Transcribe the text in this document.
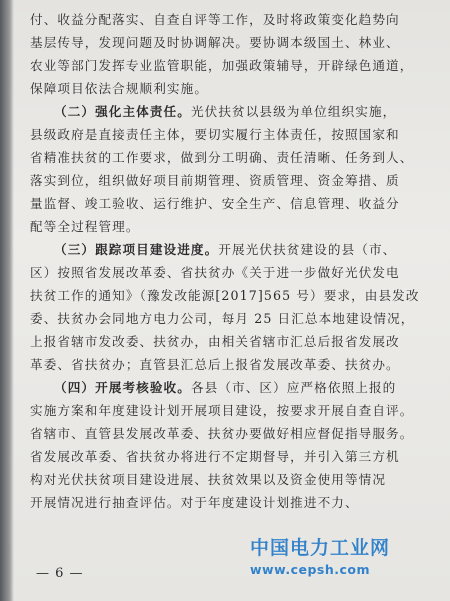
付、收益分配落实、自查自评等工作，及时将政策变化趋势向
基层传导，发现问题及时协调解决。要协调本级国土、林业、
农业等部门发挥专业监管职能，加强政策辅导，开辟绿色通道，
保障项目依法合规顺利实施。
（二）强化主体责任。光伏扶贫以县级为单位组织实施，
县级政府是直接责任主体，要切实履行主体责任，按照国家和
省精准扶贫的工作要求，做到分工明确、责任清晰、任务到人、
落实到位，组织做好项目前期管理、资质管理、资金筹措、质
量监督、竣工验收、运行维护、安全生产、信息管理、收益分
配等全过程管理。
（三）跟踪项目建设进度。开展光伏扶贫建设的县（市、
区）按照省发展改革委、省扶贫办《关于进一步做好光伏发电
扶贫工作的通知》（豫发改能源[2017]565 号）要求，由县发改
委、扶贫办会同地方电力公司，每月 25 日汇总本地建设情况，
上报省辖市发改委、扶贫办，由相关省辖市汇总后报省发展改
革委、省扶贫办；直管县汇总后上报省发展改革委、扶贫办。
（四）开展考核验收。各县（市、区）应严格依照上报的
实施方案和年度建设计划开展项目建设，按要求开展自查自评。
省辖市、直管县发展改革委、扶贫办要做好相应督促指导服务。
省发展改革委、省扶贫办将进行不定期督导，并引入第三方机
构对光伏扶贫项目建设进展、扶贫效果以及资金使用等情况
开展情况进行抽查评估。对于年度建设计划推进不力、
— 6 —
中国电力工业网
www.cepsh.com
